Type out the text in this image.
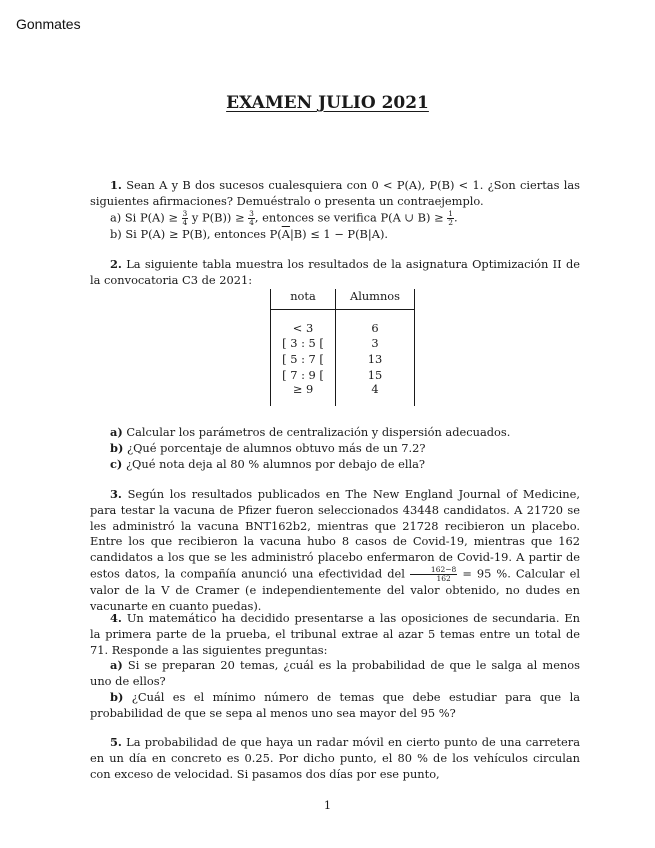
Gonmates
EXAMEN JULIO 2021

1. Sean A y B dos sucesos cualesquiera con 0 < P(A), P(B) < 1. ¿Son ciertas las siguientes afirmaciones? Demuéstralo o presenta un contraejemplo.

a) Si $P(A) \ge \frac{3}{4}$ y $P(B)) \ge \frac{3}{4}$ , entonces se verifica P(A ∪ $B) \ge \frac{1}{2}$ .

b) Si P(A) ≥ P(B), entonces $P(\overline{A}|B) \le 1 - P(B|A)$.

2. La siguiente tabla muestra los resultados de la asignatura Optimización II de la convocatoria C3 de 2021:

nota	Alumnos

< 3	6
[ 3 : 5 [	3
[ 5 : 7 [	13
[ 7 : 9 [	15
≥ 9	4

a) Calcular los parámetros de centralización y dispersión adecuados.

b) ¿Qué porcentaje de alumnos obtuvo más de un 7.2?

c) ¿Qué nota deja al 80 % alumnos por debajo de ella?

3. Según los resultados publicados en The New England Journal of Medicine, para testar la vacuna de Pfizer fueron seleccionados 43448 candidatos. A 21720 se les administró la vacuna BNT162b2, mientras que 21728 recibieron un placebo. Entre los que recibieron la vacuna hubo 8 casos de Covid-19, mientras que 162 candidatos a los que se les administró placebo enfermaron de Covid-19. A partir de estos datos, la compañía anunció una efectividad del $\frac{162-8}{162} = 95$ %. Calcular el valor de la V de Cramer (e independientemente del valor obtenido, no dudes en vacunarte en cuanto puedas).

4. Un matemático ha decidido presentarse a las oposiciones de secundaria. En la primera parte de la prueba, el tribunal extrae al azar 5 temas entre un total de 71. Responde a las siguientes preguntas:

a) Si se preparan 20 temas, ¿cuál es la probabilidad de que le salga al menos uno de ellos?

b) ¿Cuál es el mínimo número de temas que debe estudiar para que la probabilidad de que se sepa al menos uno sea mayor del 95 %?

5. La probabilidad de que haya un radar móvil en cierto punto de una carretera en un día en concreto es 0.25. Por dicho punto, el 80 % de los vehículos circulan con exceso de velocidad. Si pasamos dos días por ese punto,

1
